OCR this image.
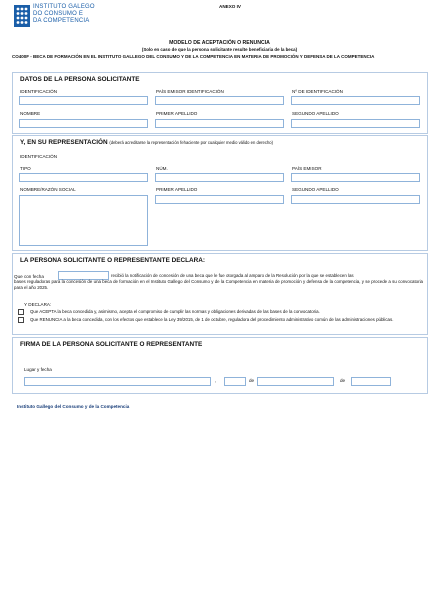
INSTITUTO GALEGO
DO CONSUMO E
DA COMPETENCIA
ANEXO IV
MODELO DE ACEPTACIÓN O RENUNCIA
(Solo en caso de que la persona solicitante resulte beneficiaria de la beca)
CO400F - BECA DE FORMACIÓN EN EL INSTITUTO GALLEGO DEL CONSUMO Y DE LA COMPETENCIA EN MATERIA DE PROMOCIÓN Y DEFENSA DE LA COMPETENCIA
DATOS DE LA PERSONA SOLICITANTE
IDENTIFICACIÓN	PAÍS EMISOR IDENTIFICACIÓN	Nº DE IDENTIFICACIÓN
NOMBRE	PRIMER APELLIDO	SEGUNDO APELLIDO
Y, EN SU REPRESENTACIÓN (deberá acreditarse la representación fehaciente por cualquier medio válido en derecho)
IDENTIFICACIÓN
TIPO	NÚM.	PAÍS EMISOR
NOMBRE/RAZÓN SOCIAL	PRIMER APELLIDO	SEGUNDO APELLIDO
LA PERSONA SOLICITANTE O REPRESENTANTE DECLARA:
Que con fecha	recibió la notificación de concesión de una beca que le fue otorgada al amparo de la Resolución por la que se establecen las
bases reguladoras para la concesión de una beca de formación en el Instituto Gallego del Consumo y de la Competencia en materia de promoción y defensa de la competencia, y se procede a su convocatoria para el año 2025.
Y DECLARA:
Que ACEPTA la beca concedida y, asimismo, acepta el compromiso de cumplir las normas y obligaciones derivadas de las bases de la convocatoria.
Que RENUNCIA a la beca concedida, con los efectos que establece la Ley 39/2015, de 1 de octubre, reguladora del procedimiento administrativo común de las administraciones públicas.
FIRMA DE LA PERSONA SOLICITANTE O REPRESENTANTE
Lugar y fecha
,	de	de
Instituto Gallego del Consumo y de la Competencia
